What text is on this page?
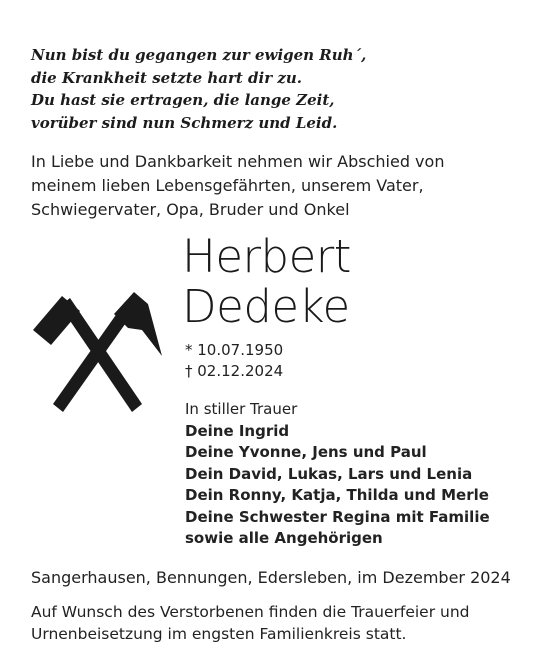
Nun bist du gegangen zur ewigen Ruh´,
die Krankheit setzte hart dir zu.
Du hast sie ertragen, die lange Zeit,
vorüber sind nun Schmerz und Leid.
In Liebe und Dankbarkeit nehmen wir Abschied von
meinem lieben Lebensgefährten, unserem Vater,
Schwiegervater, Opa, Bruder und Onkel
Herbert
Dedeke
* 10.07.1950
† 02.12.2024
In stiller Trauer
Deine Ingrid
Deine Yvonne, Jens und Paul
Dein David, Lukas, Lars und Lenia
Dein Ronny, Katja, Thilda und Merle
Deine Schwester Regina mit Familie
sowie alle Angehörigen
Sangerhausen, Bennungen, Edersleben, im Dezember 2024
Auf Wunsch des Verstorbenen finden die Trauerfeier und
Urnenbeisetzung im engsten Familienkreis statt.
